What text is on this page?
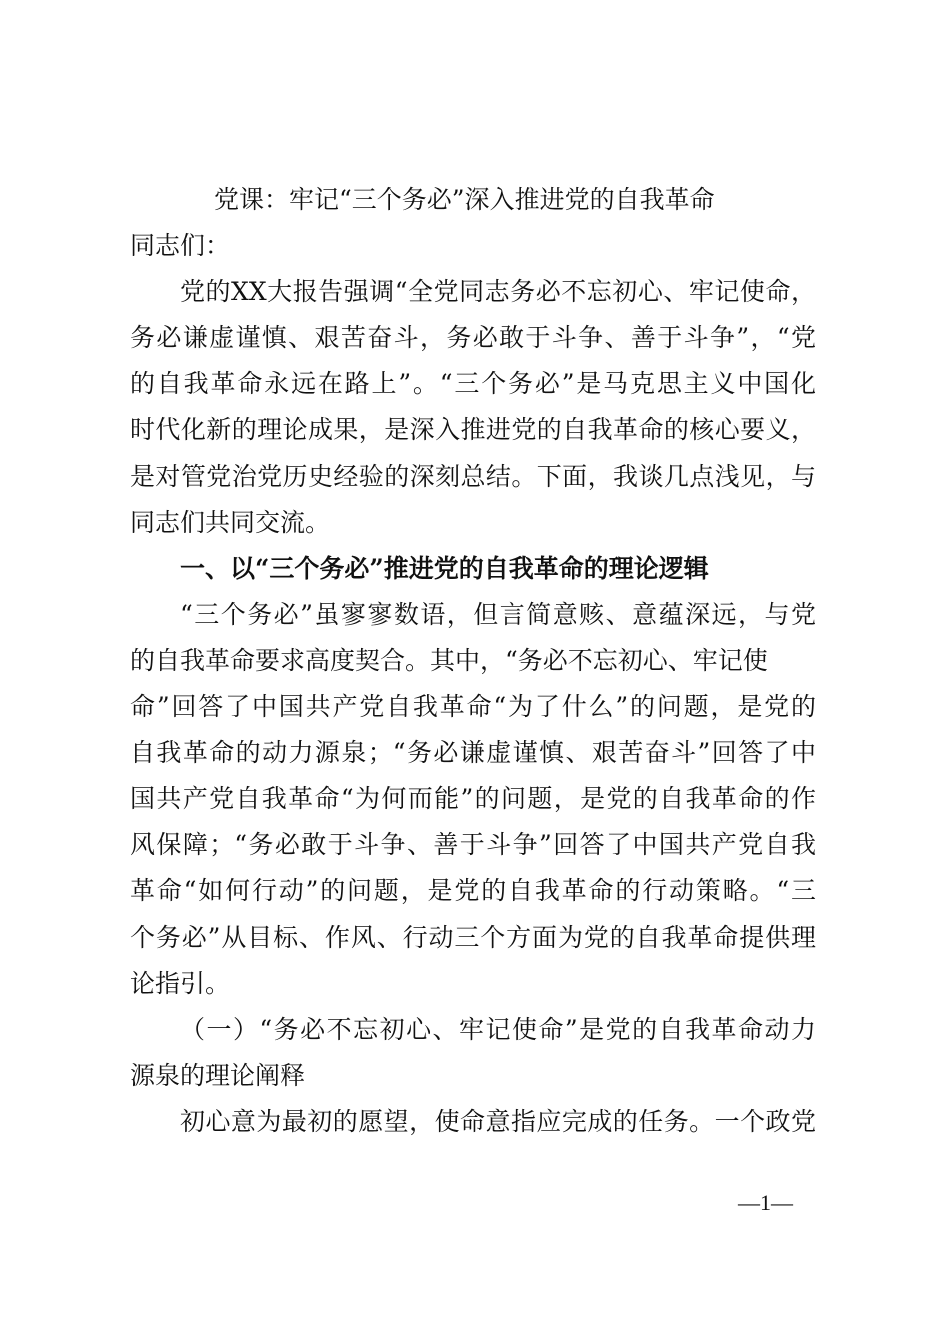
党课：牢记“三个务必”深入推进党的自我革命
同志们：
党的XX大报告强调“全党同志务必不忘初心、牢记使命，
务必谦虚谨慎、艰苦奋斗，务必敢于斗争、善于斗争”，“党
的自我革命永远在路上”。“三个务必”是马克思主义中国化
时代化新的理论成果，是深入推进党的自我革命的核心要义，
是对管党治党历史经验的深刻总结。下面，我谈几点浅见，与
同志们共同交流。
一、以“三个务必”推进党的自我革命的理论逻辑
“三个务必”虽寥寥数语，但言简意赅、意蕴深远，与党
的自我革命要求高度契合。其中，“务必不忘初心、牢记使
命”回答了中国共产党自我革命“为了什么”的问题，是党的
自我革命的动力源泉；“务必谦虚谨慎、艰苦奋斗”回答了中
国共产党自我革命“为何而能”的问题，是党的自我革命的作
风保障；“务必敢于斗争、善于斗争”回答了中国共产党自我
革命“如何行动”的问题，是党的自我革命的行动策略。“三
个务必”从目标、作风、行动三个方面为党的自我革命提供理
论指引。
（一）“务必不忘初心、牢记使命”是党的自我革命动力
源泉的理论阐释
初心意为最初的愿望，使命意指应完成的任务。一个政党
—1—
